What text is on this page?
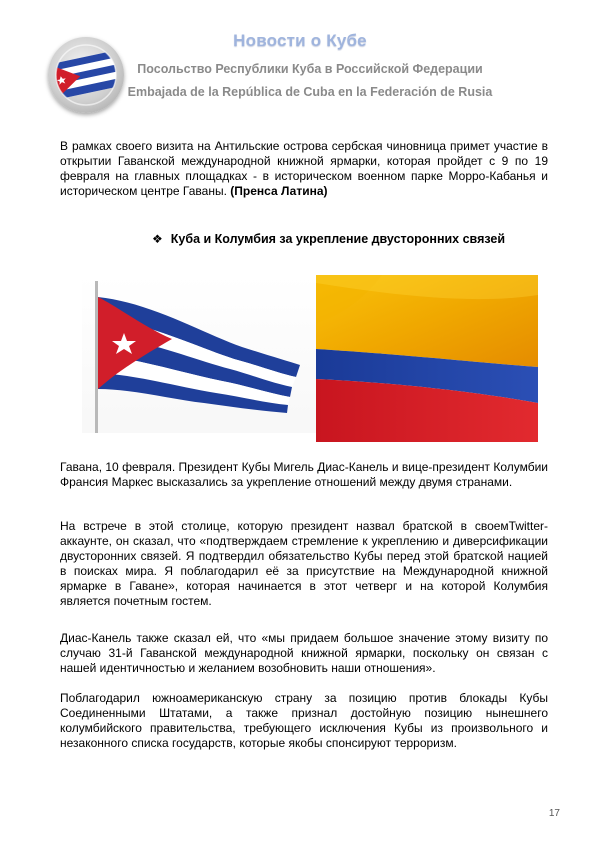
Новости о Кубе
Посольство Республики Куба в Российской Федерации
Embajada de la República de Cuba en la Federación de Rusia

В рамках своего визита на Антильские острова сербская чиновница примет участие в открытии Гаванской международной книжной ярмарки, которая пройдет с 9 по 19 февраля на главных площадках - в историческом военном парке Морро-Кабанья и историческом центре Гаваны. (Пренса Латина)

❖ Куба и Колумбия за укрепление двусторонних связей

Гавана, 10 февраля. Президент Кубы Мигель Диас-Канель и вице-президент Колумбии Франсия Маркес высказались за укрепление отношений между двумя странами.

На встрече в этой столице, которую президент назвал братской в своемTwitter-аккаунте, он сказал, что «подтверждаем стремление к укреплению и диверсификации двусторонних связей. Я подтвердил обязательство Кубы перед этой братской нацией в поисках мира. Я поблагодарил её за присутствие на Международной книжной ярмарке в Гаване», которая начинается в этот четверг и на которой Колумбия является почетным гостем.

Диас-Канель также сказал ей, что «мы придаем большое значение этому визиту по случаю 31-й Гаванской международной книжной ярмарки, поскольку он связан с нашей идентичностью и желанием возобновить наши отношения».

Поблагодарил южноамериканскую страну за позицию против блокады Кубы Соединенными Штатами, а также признал достойную позицию нынешнего колумбийского правительства, требующего исключения Кубы из произвольного и незаконного списка государств, которые якобы спонсируют терроризм.

17
